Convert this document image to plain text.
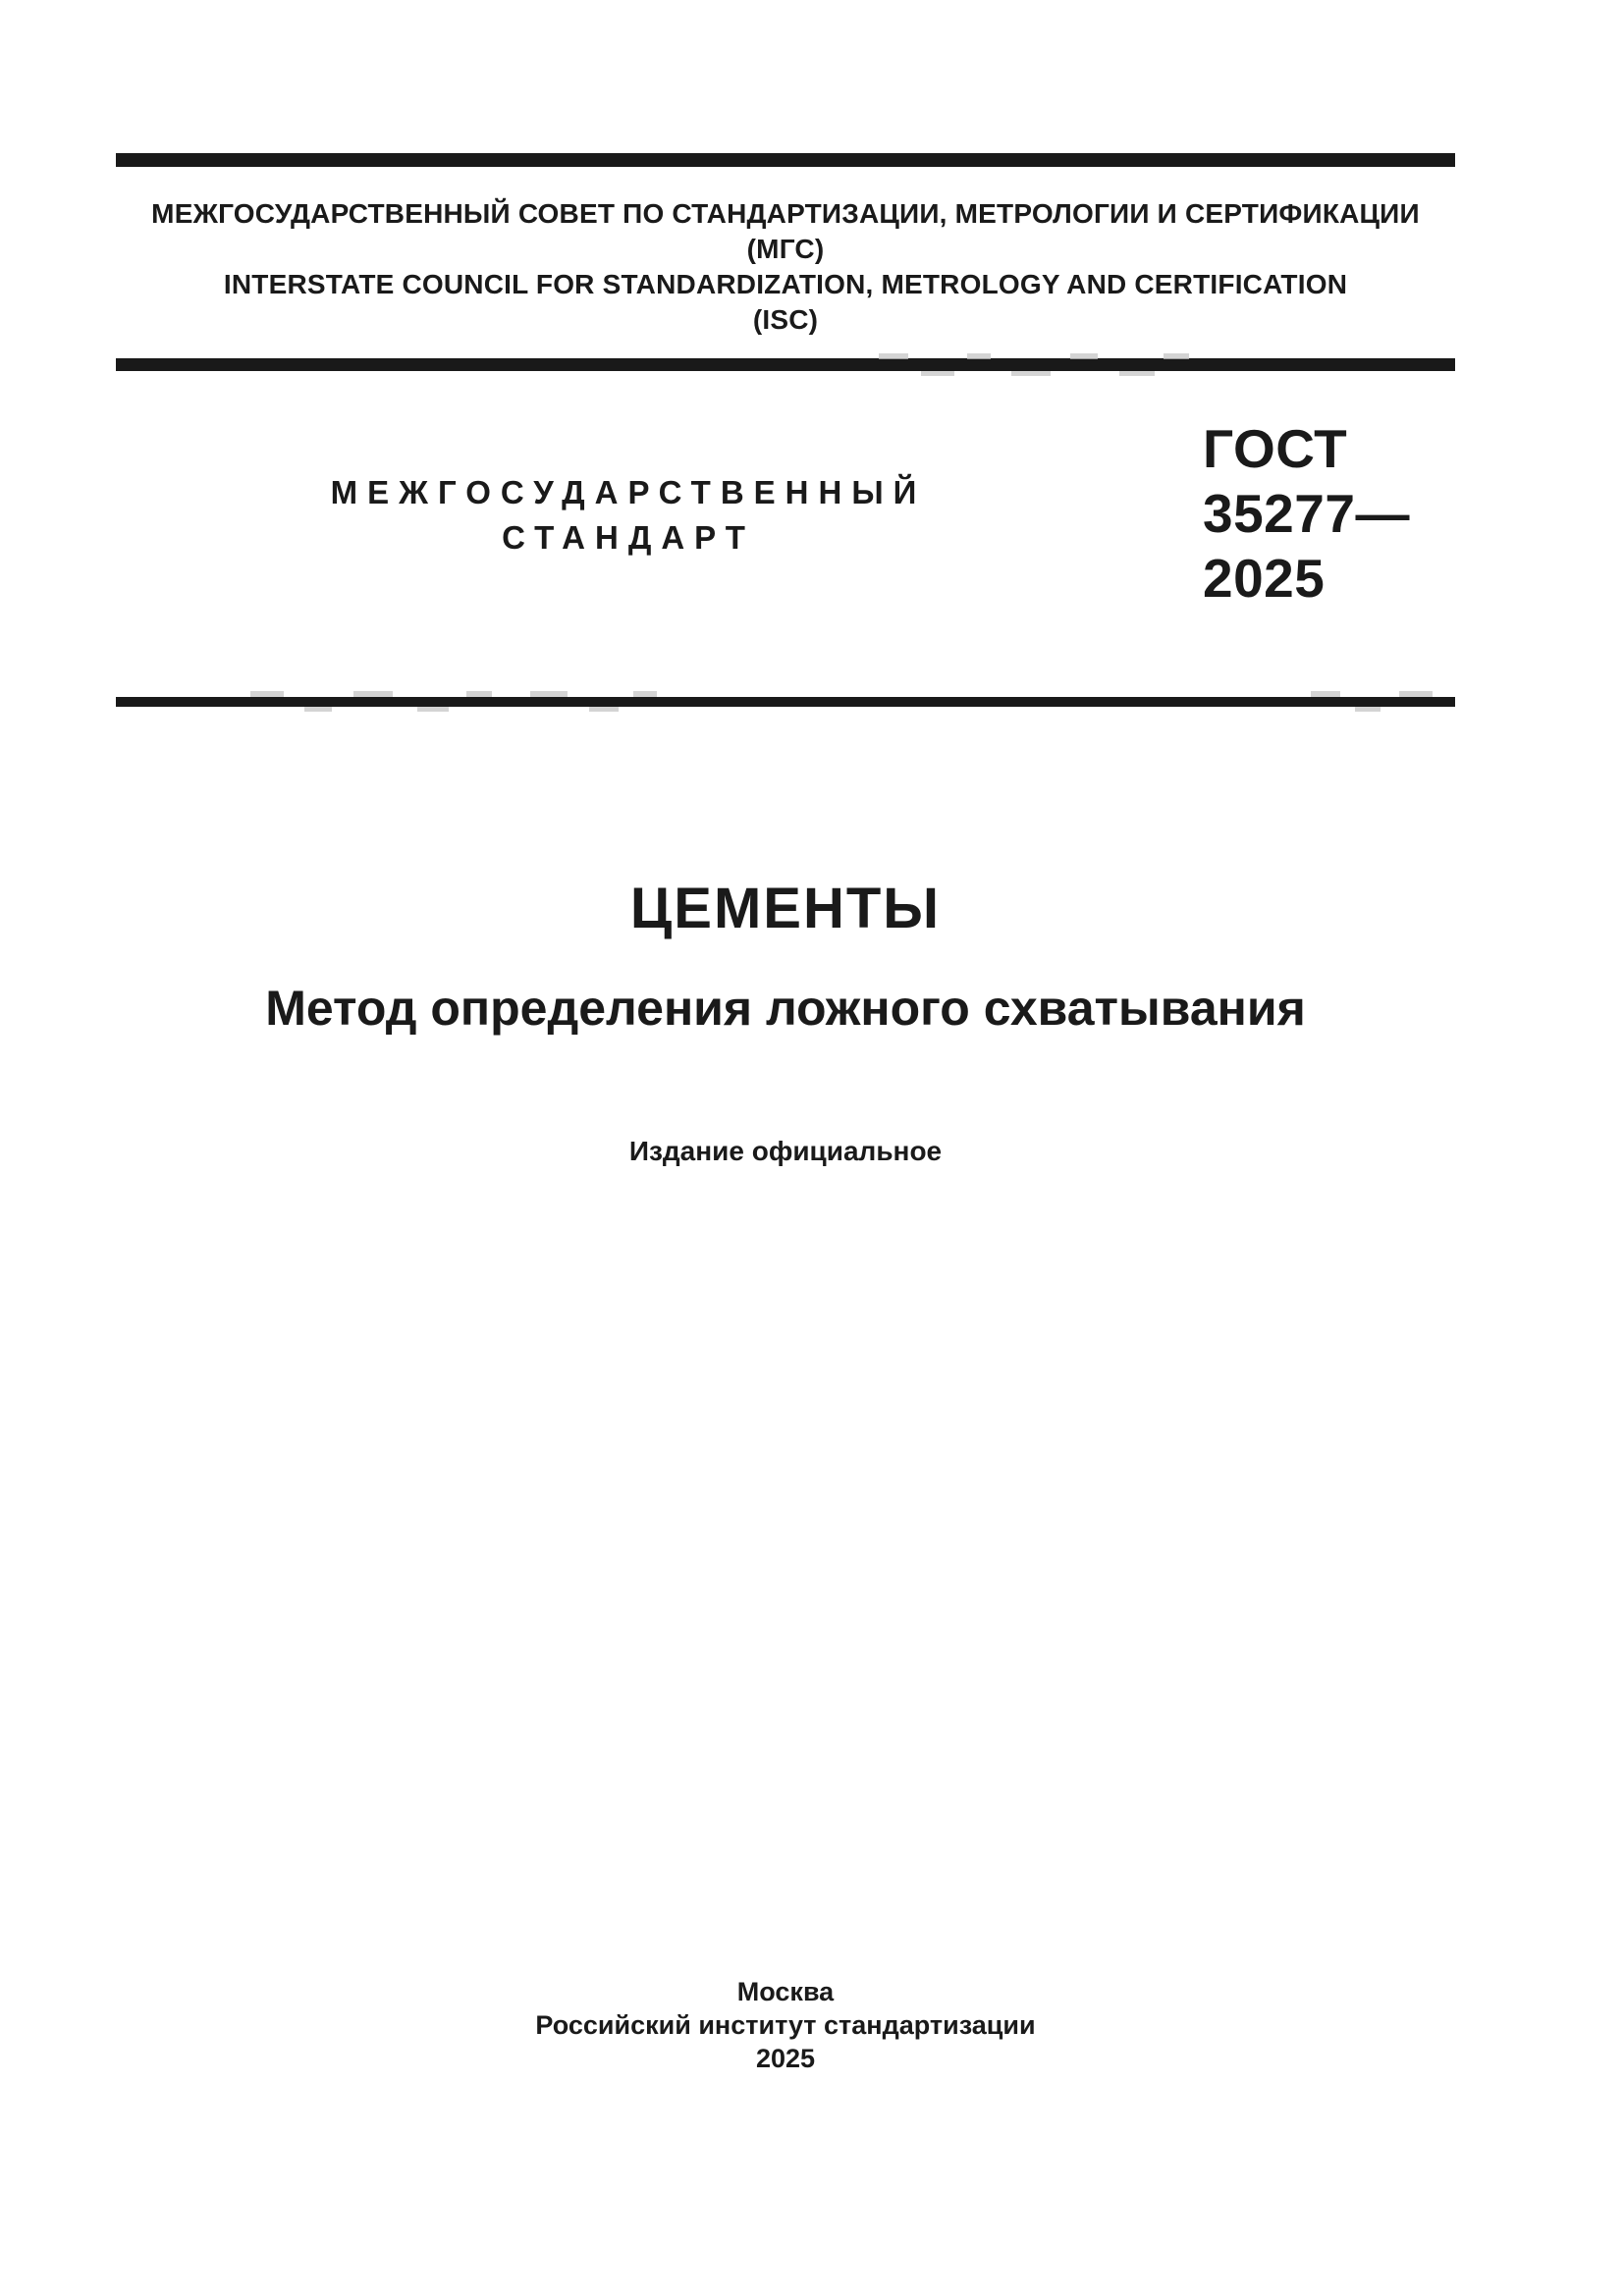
МЕЖГОСУДАРСТВЕННЫЙ СОВЕТ ПО СТАНДАРТИЗАЦИИ, МЕТРОЛОГИИ И СЕРТИФИКАЦИИ
(МГС)
INTERSTATE COUNCIL FOR STANDARDIZATION, METROLOGY AND CERTIFICATION
(ISC)
МЕЖГОСУДАРСТВЕННЫЙ
СТАНДАРТ
ГОСТ
35277—
2025
ЦЕМЕНТЫ
Метод определения ложного схватывания
Издание официальное
Москва
Российский институт стандартизации
2025
